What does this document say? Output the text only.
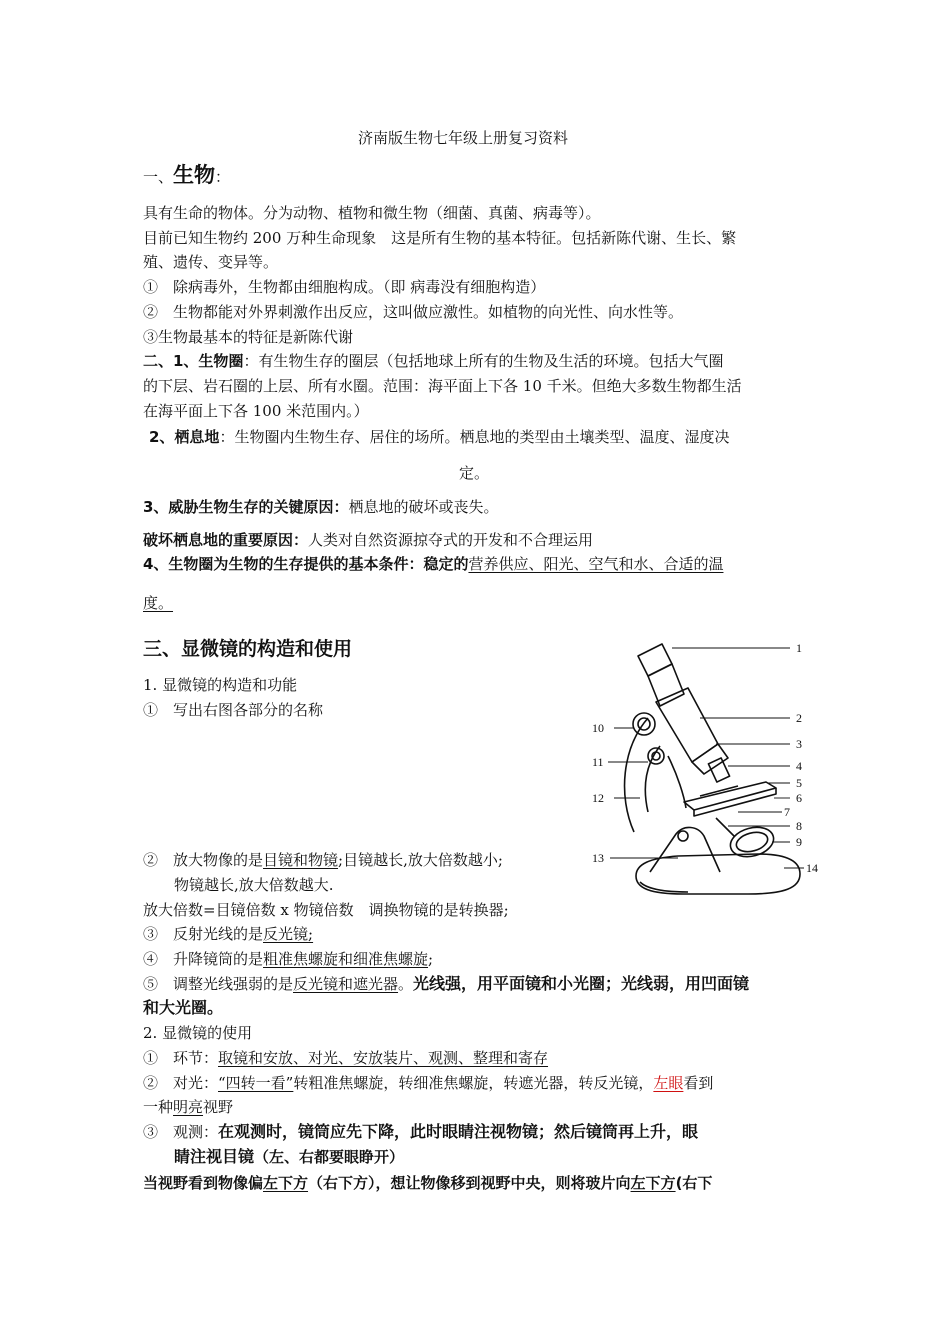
济南版生物七年级上册复习资料
一、生物：
具有生命的物体。分为动物、植物和微生物（细菌、真菌、病毒等）。
目前已知生物约 200 万种生命现象　这是所有生物的基本特征。包括新陈代谢、生长、繁
殖、遗传、变异等。
①　除病毒外，生物都由细胞构成。（即 病毒没有细胞构造）
②　生物都能对外界刺激作出反应，这叫做应激性。如植物的向光性、向水性等。
③生物最基本的特征是新陈代谢
二、1、生物圈：有生物生存的圈层（包括地球上所有的生物及生活的环境。包括大气圈
的下层、岩石圈的上层、所有水圈。范围：海平面上下各 10 千米。但绝大多数生物都生活
在海平面上下各 100 米范围内。）
2、栖息地：生物圈内生物生存、居住的场所。栖息地的类型由土壤类型、温度、湿度决
定。
3、威胁生物生存的关键原因：栖息地的破坏或丧失。
破坏栖息地的重要原因：人类对自然资源掠夺式的开发和不合理运用
4、生物圈为生物的生存提供的基本条件：稳定的营养供应、阳光、空气和水、合适的温
度。
三、显微镜的构造和使用
1. 显微镜的构造和功能
①　写出右图各部分的名称
②　放大物像的是目镜和物镜;目镜越长,放大倍数越小;
物镜越长,放大倍数越大.
放大倍数=目镜倍数 x 物镜倍数　调换物镜的是转换器;
③　反射光线的是反光镜;
④　升降镜筒的是粗准焦螺旋和细准焦螺旋;
⑤　调整光线强弱的是反光镜和遮光器。光线强，用平面镜和小光圈；光线弱，用凹面镜
和大光圈。
2. 显微镜的使用
①　环节：取镜和安放、对光、安放装片、观测、整理和寄存
②　对光：“四转一看”转粗准焦螺旋，转细准焦螺旋，转遮光器，转反光镜，左眼看到
一种明亮视野
③　观测：在观测时，镜筒应先下降，此时眼睛注视物镜；然后镜筒再上升，眼
睛注视目镜（左、右都要眼睁开）
当视野看到物像偏左下方（右下方），想让物像移到视野中央，则将玻片向左下方(右下
1
2
3
4
5
6
7
8
9
10
11
12
13
14
